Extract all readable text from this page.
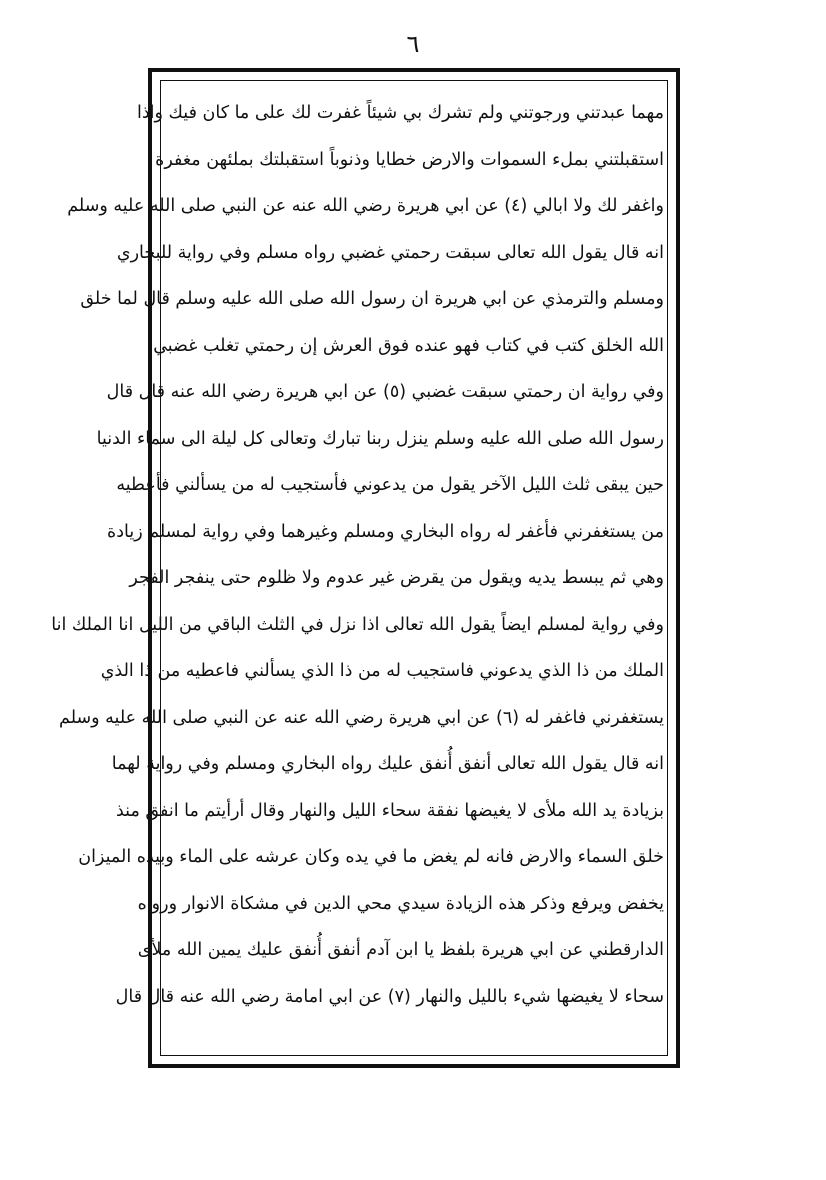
٦
مهما عبدتني ورجوتني ولم تشرك بي شيئاً غفرت لك على ما كان فيك واذا
استقبلتني بملء السموات والارض خطايا وذنوباً استقبلتك بملئهن مغفرة
واغفر لك ولا ابالي (٤) عن ابي هريرة رضي الله عنه عن النبي صلى الله عليه وسلم
انه قال يقول الله تعالى سبقت رحمتي غضبي رواه مسلم وفي رواية للبخاري
ومسلم والترمذي عن ابي هريرة ان رسول الله صلى الله عليه وسلم قال لما خلق
الله الخلق كتب في كتاب فهو عنده فوق العرش إن رحمتي تغلب غضبي
وفي رواية ان رحمتي سبقت غضبي (٥) عن ابي هريرة رضي الله عنه قال قال
رسول الله صلى الله عليه وسلم ينزل ربنا تبارك وتعالى كل ليلة الى سماء الدنيا
حين يبقى ثلث الليل الآخر يقول من يدعوني فأستجيب له من يسألني فأعطيه
من يستغفرني فأغفر له رواه البخاري ومسلم وغيرهما وفي رواية لمسلم زيادة
وهي ثم يبسط يديه ويقول من يقرض غير عدوم ولا ظلوم حتى ينفجر الفجر
وفي رواية لمسلم ايضاً يقول الله تعالى اذا نزل في الثلث الباقي من الليل انا الملك انا
الملك من ذا الذي يدعوني فاستجيب له من ذا الذي يسألني فاعطيه من ذا الذي
يستغفرني فاغفر له (٦) عن ابي هريرة رضي الله عنه عن النبي صلى الله عليه وسلم
انه قال يقول الله تعالى أنفق أُنفق عليك رواه البخاري ومسلم وفي رواية لهما
بزيادة يد الله ملأى لا يغيضها نفقة سحاء الليل والنهار وقال أرأيتم ما انفق منذ
خلق السماء والارض فانه لم يغض ما في يده وكان عرشه على الماء وبيده الميزان
يخفض ويرفع وذكر هذه الزيادة سيدي محي الدين في مشكاة الانوار ورواه
الدارقطني عن ابي هريرة بلفظ يا ابن آدم أنفق أُنفق عليك يمين الله ملأى
سحاء لا يغيضها شيء بالليل والنهار (٧) عن ابي امامة رضي الله عنه قال قال
